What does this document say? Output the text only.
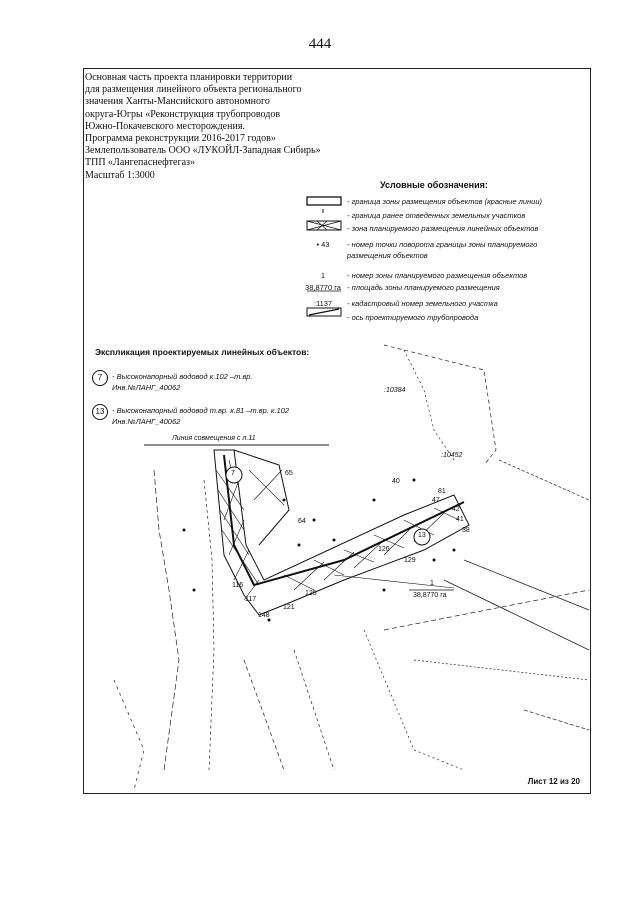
444
Основная часть проекта планировки территории
для размещения линейного объекта регионального
значения Ханты-Мансийского автономного
округа-Югры «Реконструкция трубопроводов
Южно-Покачевского месторождения.
Программа реконструкции 2016-2017 годов»
Землепользователь ООО «ЛУКОЙЛ-Западная Сибирь»
ТПП «Лангепаснефтегаз»
Масштаб 1:3000
Условные обозначения:
- граница зоны размещения объектов (красные линии)
- граница ранее отведенных земельных участков
- зона планируемого размещения линейных объектов
• 43	- номер точки поворота границы зоны планируемого
размещения объектов
1	- номер зоны планируемого размещения объектов
38,8770 га - площадь зоны планируемого размещения
:1137	- кадастровый номер земельного участка
- ось проектируемого трубопровода
Экспликация проектируемых линейных объектов:
7	- Высоконапорный водовод к.102 –т.вр.
Инв.№ЛАНГ_40062
13	- Высоконапорный водовод т.вр. к.81 –т.вр. к.102
Инв.№ЛАНГ_40062
Линия совмещения с л.11
:10384
:10452
7
13
1
38,8770 га
65
64
81
47
42
41
38
126
129
125
121
117
116
148
40
Лист 12 из 20
